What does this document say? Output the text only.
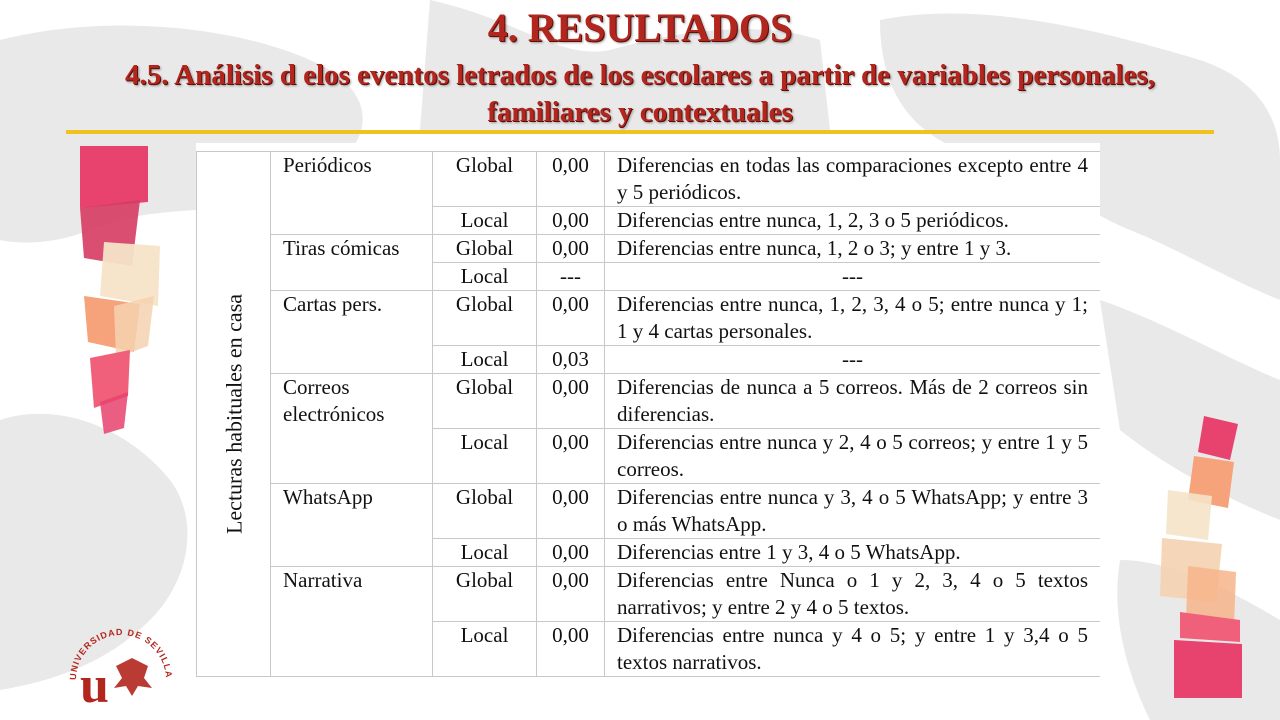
UNIVERSIDAD DE SEVILLA
u
4. RESULTADOS
4.5. Análisis d elos eventos letrados de los escolares a partir de variables personales,
familiares y contextuales
Lecturas habituales en casa	Periódicos	Global	0,00	Diferencias en todas las comparaciones excepto entre 4 y 5 periódicos.
		Local	0,00	Diferencias entre nunca, 1, 2, 3 o 5 periódicos.
	Tiras cómicas	Global	0,00	Diferencias entre nunca, 1, 2 o 3; y entre 1 y 3.
		Local	---	---
	Cartas pers.	Global	0,00	Diferencias entre nunca, 1, 2, 3, 4 o 5; entre nunca y 1; 1 y 4 cartas personales.
		Local	0,03	---
	Correos electrónicos	Global	0,00	Diferencias de nunca a 5 correos. Más de 2 correos sin diferencias.
		Local	0,00	Diferencias entre nunca y 2, 4 o 5 correos; y entre 1 y 5 correos.
	WhatsApp	Global	0,00	Diferencias entre nunca y 3, 4 o 5 WhatsApp; y entre 3 o más WhatsApp.
		Local	0,00	Diferencias entre 1 y 3, 4 o 5 WhatsApp.
	Narrativa	Global	0,00	Diferencias entre Nunca o 1 y 2, 3, 4 o 5 textos narrativos; y entre 2 y 4 o 5 textos.
		Local	0,00	Diferencias entre nunca y 4 o 5; y entre 1 y 3,4 o 5 textos narrativos.
